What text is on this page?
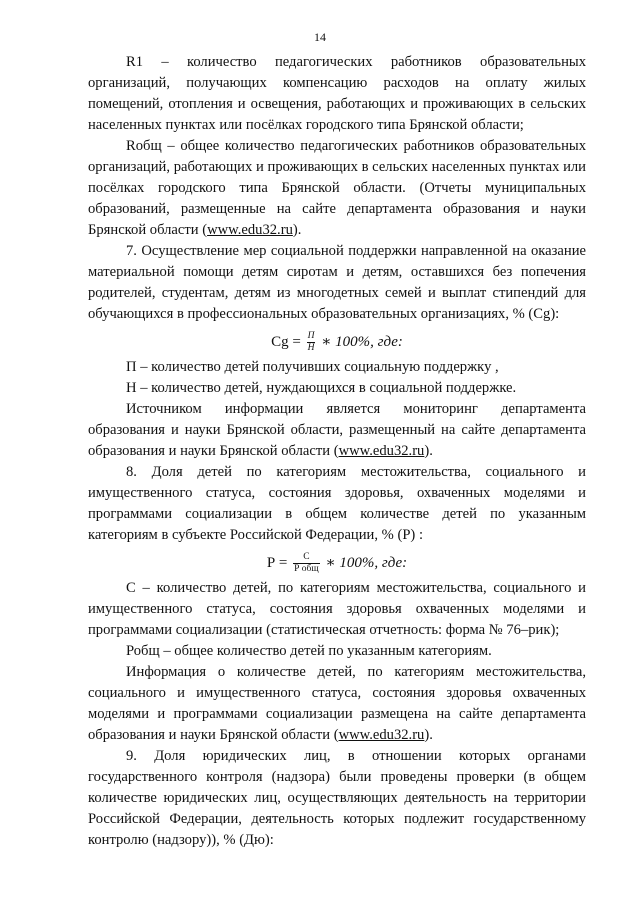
14

R1 – количество педагогических работников образовательных организаций, получающих компенсацию расходов на оплату жилых помещений, отопления и освещения, работающих и проживающих в сельских населенных пунктах или посёлках городского типа Брянской области;

Rобщ – общее количество педагогических работников образовательных организаций, работающих и проживающих в сельских населенных пунктах или посёлках городского типа Брянской области. (Отчеты муниципальных образований, размещенные на сайте департамента образования и науки Брянской области (www.edu32.ru).

7. Осуществление мер социальной поддержки направленной на оказание материальной помощи детям сиротам и детям, оставшихся без попечения родителей, студентам, детям из многодетных семей и выплат стипендий для обучающихся в профессиональных образовательных организациях, % (Cg):

$Cg = \frac{П}{Н}$ ∗ 100%, где:

П – количество детей получивших социальную поддержку ,

Н – количество детей, нуждающихся в социальной поддержке.

Источником информации является мониторинг департамента образования и науки Брянской области, размещенный на сайте департамента образования и науки Брянской области (www.edu32.ru).

8. Доля детей по категориям местожительства, социального и имущественного статуса, состояния здоровья, охваченных моделями и программами социализации в общем количестве детей по указанным категориям в субъекте Российской Федерации, % (Р) :

$Р = \frac{С}{\text{Р общ}}$ ∗ 100%, где:

С – количество детей, по категориям местожительства, социального и имущественного статуса, состояния здоровья охваченных моделями и программами социализации (статистическая отчетность: форма № 76–рик);

Робщ – общее количество детей по указанным категориям.

Информация о количестве детей, по категориям местожительства, социального и имущественного статуса, состояния здоровья охваченных моделями и программами социализации размещена на сайте департамента образования и науки Брянской области (www.edu32.ru).

9. Доля юридических лиц, в отношении которых органами государственного контроля (надзора) были проведены проверки (в общем количестве юридических лиц, осуществляющих деятельность на территории Российской Федерации, деятельность которых подлежит государственному контролю (надзору)), % (Дю):
